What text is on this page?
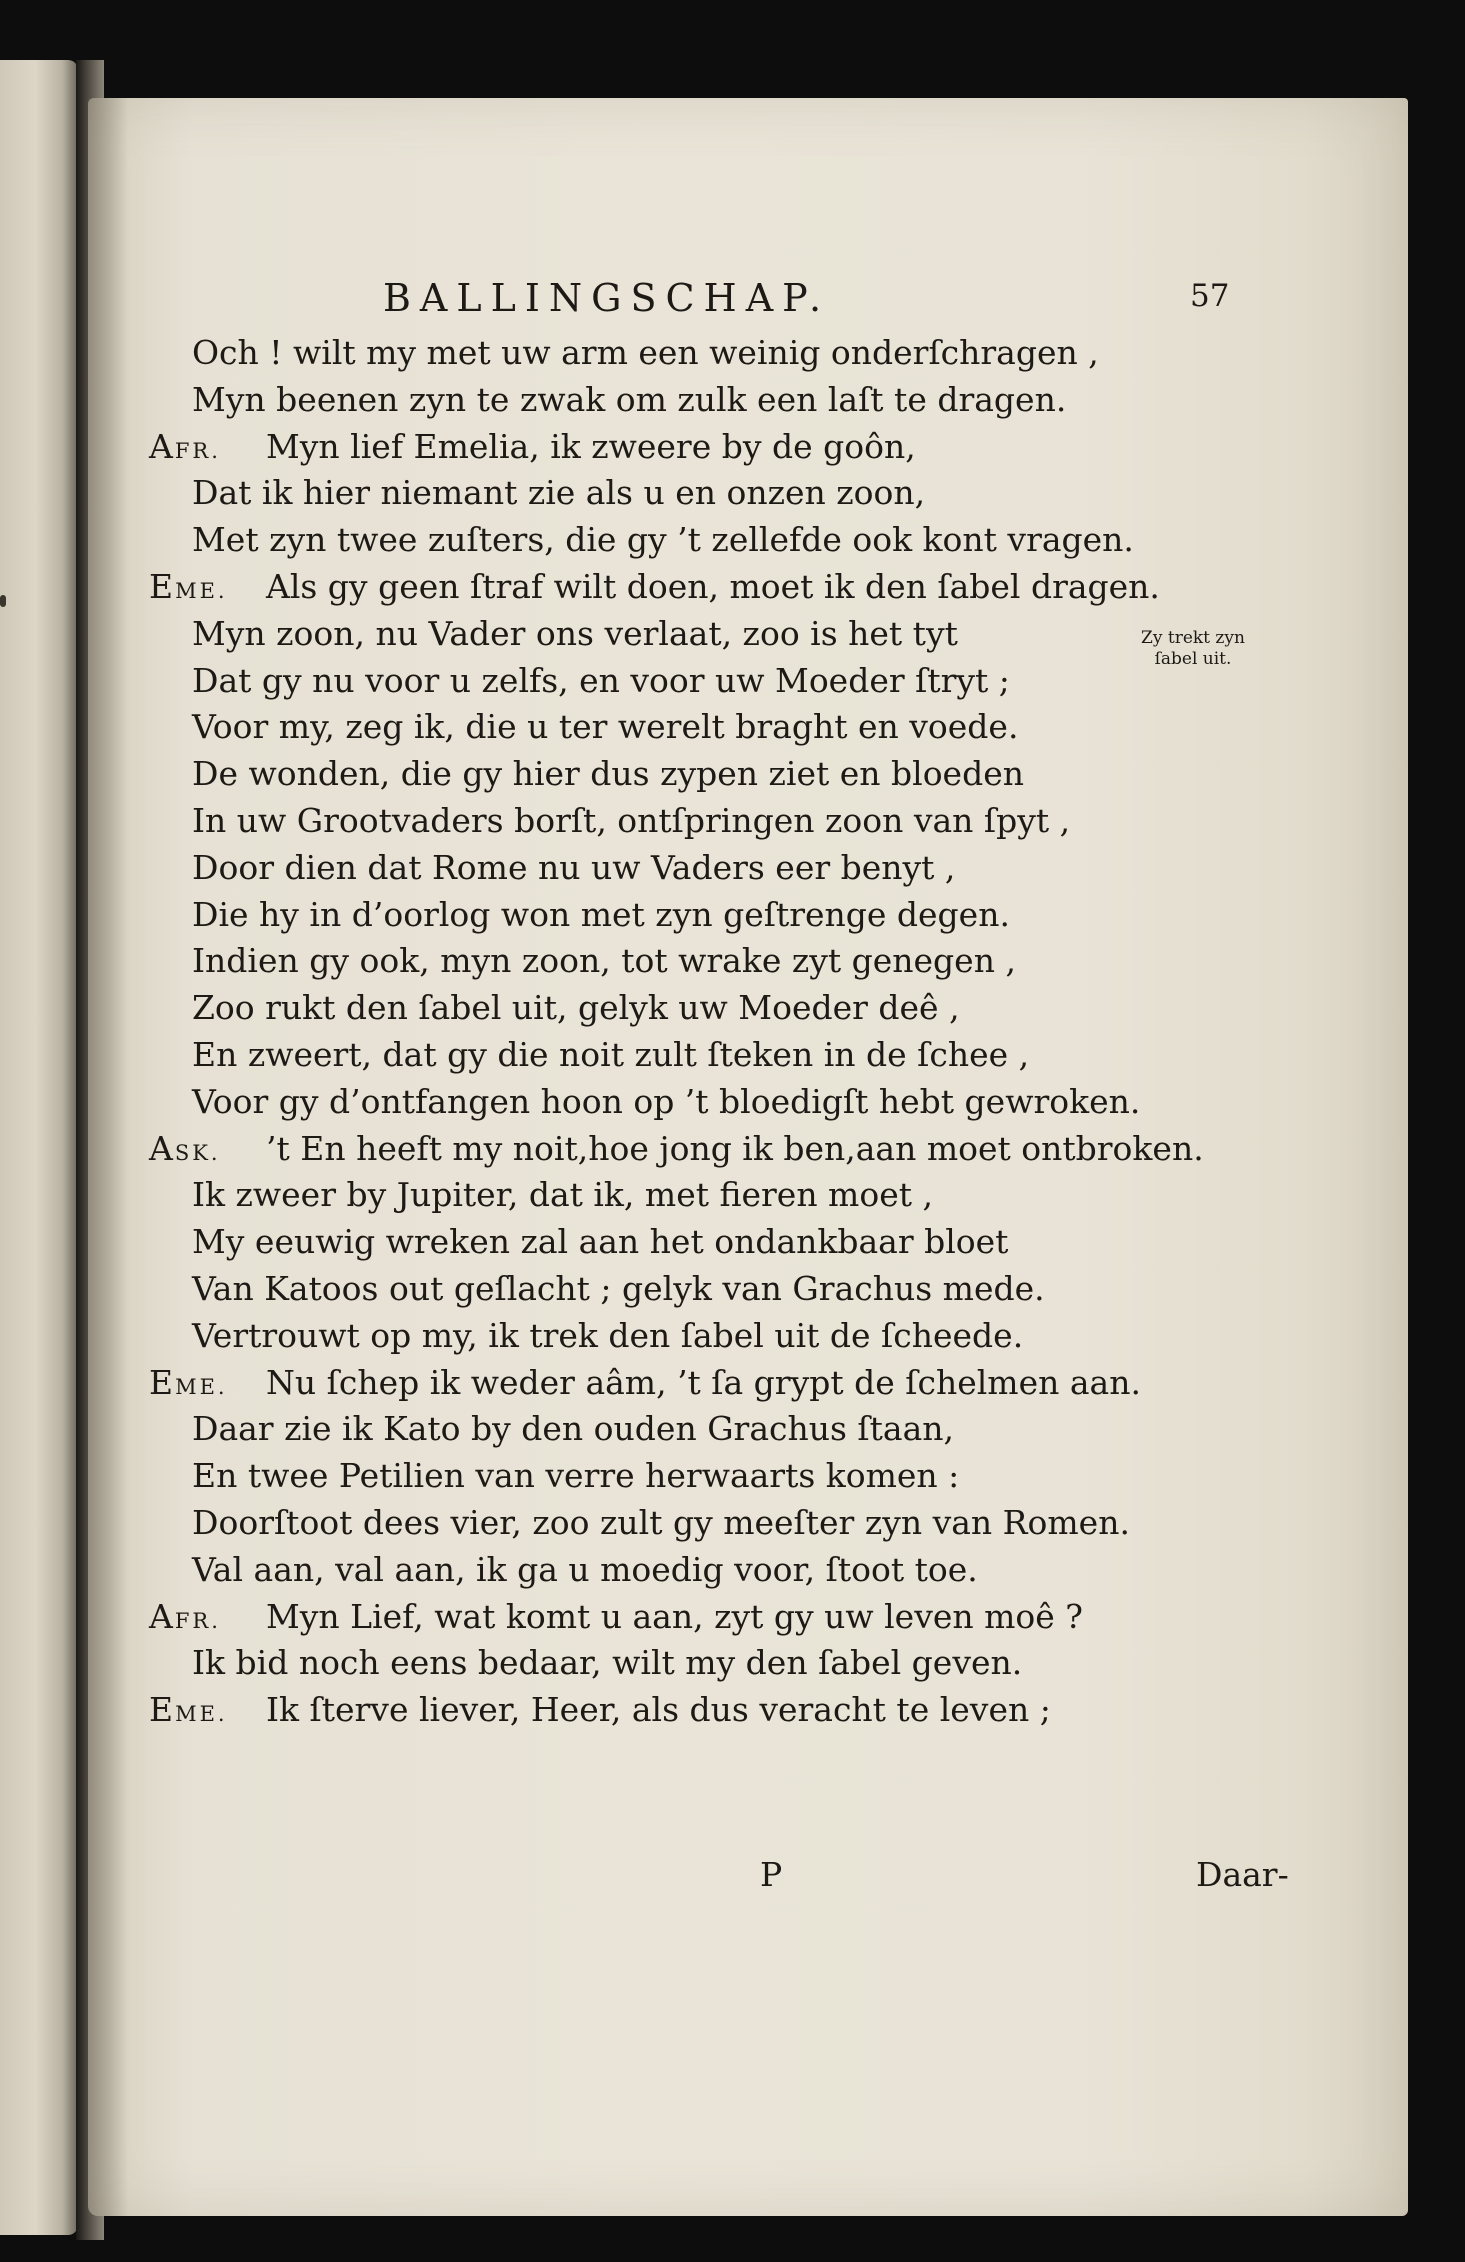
BALLINGSCHAP.	57
Och ! wilt my met uw arm een weinig onderſchragen ,
Myn beenen zyn te zwak om zulk een laſt te dragen.
AFR. Myn lief Emelia, ik zweere by de goôn,
Dat ik hier niemant zie als u en onzen zoon,
Met zyn twee zuſters, die gy ’t zellefde ook kont vragen.
EME. Als gy geen ſtraf wilt doen, moet ik den ſabel dragen.
Myn zoon, nu Vader ons verlaat, zoo is het tyt
Dat gy nu voor u zelfs, en voor uw Moeder ſtryt ;
Voor my, zeg ik, die u ter werelt braght en voede.
De wonden, die gy hier dus zypen ziet en bloeden
In uw Grootvaders borſt, ontſpringen zoon van ſpyt ,
Door dien dat Rome nu uw Vaders eer benyt ,
Die hy in d’oorlog won met zyn geſtrenge degen.
Indien gy ook, myn zoon, tot wrake zyt genegen ,
Zoo rukt den ſabel uit, gelyk uw Moeder deê ,
En zweert, dat gy die noit zult ſteken in de ſchee ,
Voor gy d’ontfangen hoon op ’t bloedigſt hebt gewroken.
ASK. ’t En heeft my noit,hoe jong ik ben,aan moet ontbroken.
Ik zweer by Jupiter, dat ik, met fieren moet ,
My eeuwig wreken zal aan het ondankbaar bloet
Van Katoos out geſlacht ; gelyk van Grachus mede.
Vertrouwt op my, ik trek den ſabel uit de ſcheede.
EME. Nu ſchep ik weder aâm, ’t ſa grypt de ſchelmen aan.
Daar zie ik Kato by den ouden Grachus ſtaan,
En twee Petilien van verre herwaarts komen :
Doorſtoot dees vier, zoo zult gy meeſter zyn van Romen.
Val aan, val aan, ik ga u moedig voor, ſtoot toe.
AFR. Myn Lief, wat komt u aan, zyt gy uw leven moê ?
Ik bid noch eens bedaar, wilt my den ſabel geven.
EME. Ik ſterve liever, Heer, als dus veracht te leven ;
Zy trekt zyn
ſabel uit.
P	Daar-
